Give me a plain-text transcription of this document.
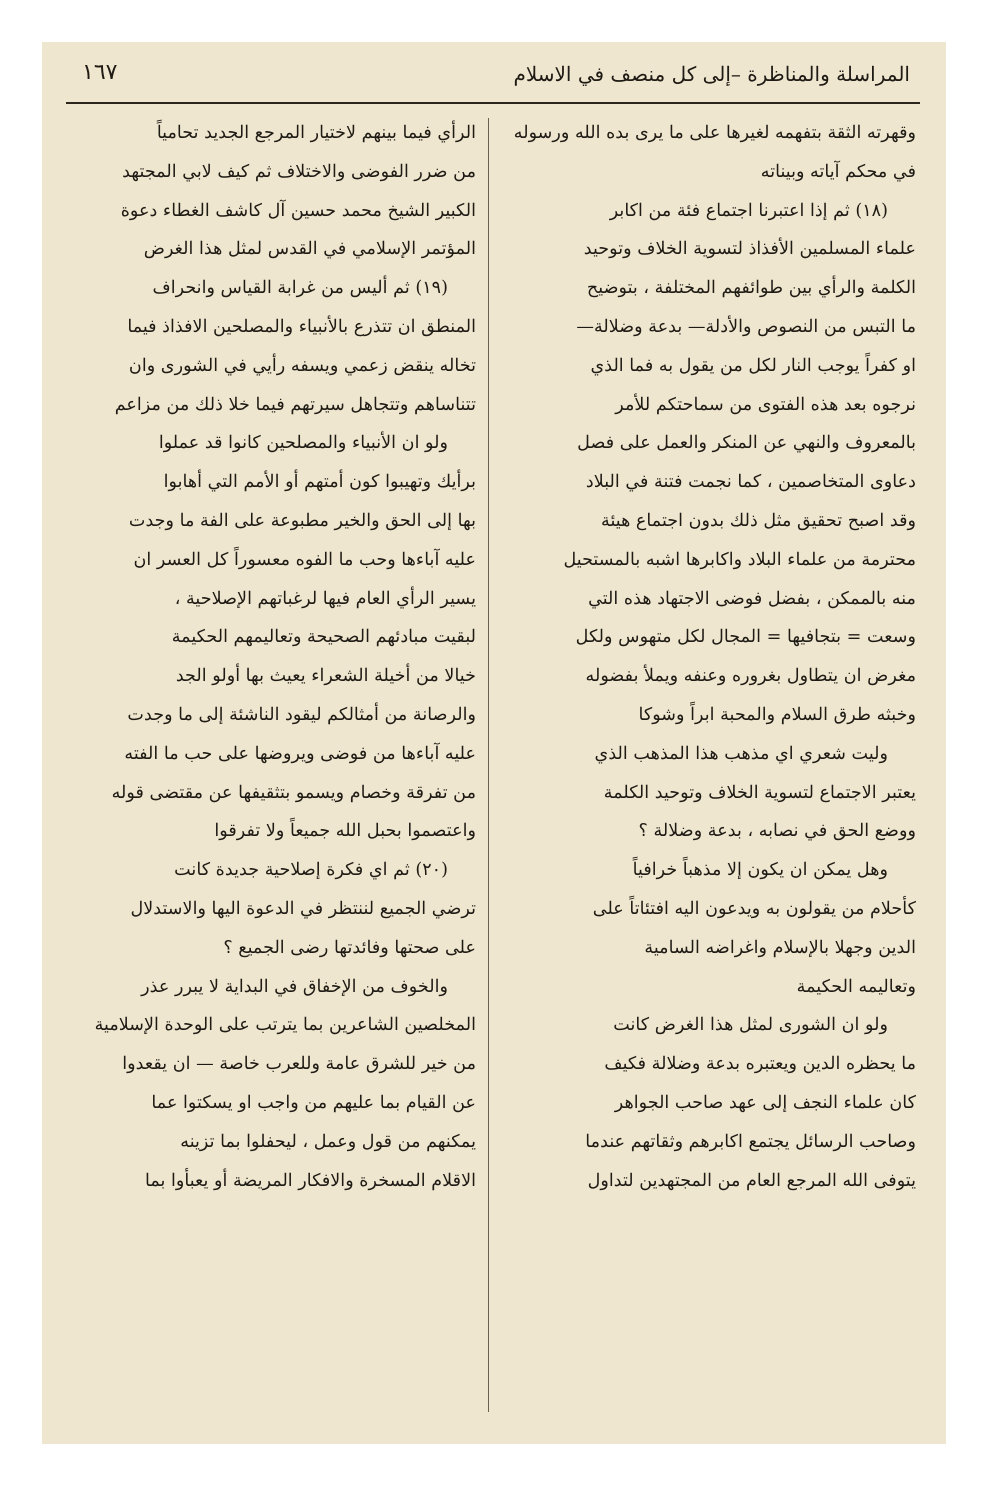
المراسلة والمناظرة –إلى كل منصف في الاسلام
١٦٧
وقهرته الثقة بتفهمه لغيرها على ما يرى بده الله ورسوله
في محكم آياته وبيناته
(١٨) ثم إذا اعتبرنا اجتماع فئة من اكابر
علماء المسلمين الأفذاذ لتسوية الخلاف وتوحيد
الكلمة والرأي بين طوائفهم المختلفة ، بتوضيح
ما التبس من النصوص والأدلة— بدعة وضلالة—
او كفراً يوجب النار لكل من يقول به فما الذي
نرجوه بعد هذه الفتوى من سماحتكم للأمر
بالمعروف والنهي عن المنكر والعمل على فصل
دعاوى المتخاصمين ، كما نجمت فتنة في البلاد
وقد اصبح تحقيق مثل ذلك بدون اجتماع هيئة
محترمة من علماء البلاد واكابرها اشبه بالمستحيل
منه بالممكن ، بفضل فوضى الاجتهاد هذه التي
وسعت = بتجافيها = المجال لكل متهوس ولكل
مغرض ان يتطاول بغروره وعنفه ويملأ بفضوله
وخبثه طرق السلام والمحبة ابراً وشوكا
وليت شعري اي مذهب هذا المذهب الذي
يعتبر الاجتماع لتسوية الخلاف وتوحيد الكلمة
ووضع الحق في نصابه ، بدعة وضلالة ؟
وهل يمكن ان يكون إلا مذهباً خرافياً
كأحلام من يقولون به ويدعون اليه افتئاتاً على
الدين وجهلا بالإسلام واغراضه السامية
وتعاليمه الحكيمة
ولو ان الشورى لمثل هذا الغرض كانت
ما يحظره الدين ويعتبره بدعة وضلالة فكيف
كان علماء النجف إلى عهد صاحب الجواهر
وصاحب الرسائل يجتمع اكابرهم وثقاتهم عندما
يتوفى الله المرجع العام من المجتهدين لتداول
الرأي فيما بينهم لاختيار المرجع الجديد تحامياً
من ضرر الفوضى والاختلاف ثم كيف لابي المجتهد
الكبير الشيخ محمد حسين آل كاشف الغطاء دعوة
المؤتمر الإسلامي في القدس لمثل هذا الغرض
(١٩) ثم أليس من غرابة القياس وانحراف
المنطق ان تتذرع بالأنبياء والمصلحين الافذاذ فيما
تخاله ينقض زعمي ويسفه رأيي في الشورى وان
تتناساهم وتتجاهل سيرتهم فيما خلا ذلك من مزاعم
ولو ان الأنبياء والمصلحين كانوا قد عملوا
برأيك وتهيبوا كون أمتهم أو الأمم التي أهابوا
بها إلى الحق والخير مطبوعة على الفة ما وجدت
عليه آباءها وحب ما الفوه معسوراً كل العسر ان
يسير الرأي العام فيها لرغباتهم الإصلاحية ،
لبقيت مبادئهم الصحيحة وتعاليمهم الحكيمة
خيالا من أخيلة الشعراء يعيث بها أولو الجد
والرصانة من أمثالكم ليقود الناشئة إلى ما وجدت
عليه آباءها من فوضى ويروضها على حب ما الفته
من تفرقة وخصام ويسمو بتثقيفها عن مقتضى قوله
واعتصموا بحبل الله جميعاً ولا تفرقوا
(٢٠) ثم اي فكرة إصلاحية جديدة كانت
ترضي الجميع لننتظر في الدعوة اليها والاستدلال
على صحتها وفائدتها رضى الجميع ؟
والخوف من الإخفاق في البداية لا يبرر عذر
المخلصين الشاعرين بما يترتب على الوحدة الإسلامية
من خير للشرق عامة وللعرب خاصة — ان يقعدوا
عن القيام بما عليهم من واجب او يسكتوا عما
يمكنهم من قول وعمل ، ليحفلوا بما تزينه
الاقلام المسخرة والافكار المريضة أو يعبأوا بما
